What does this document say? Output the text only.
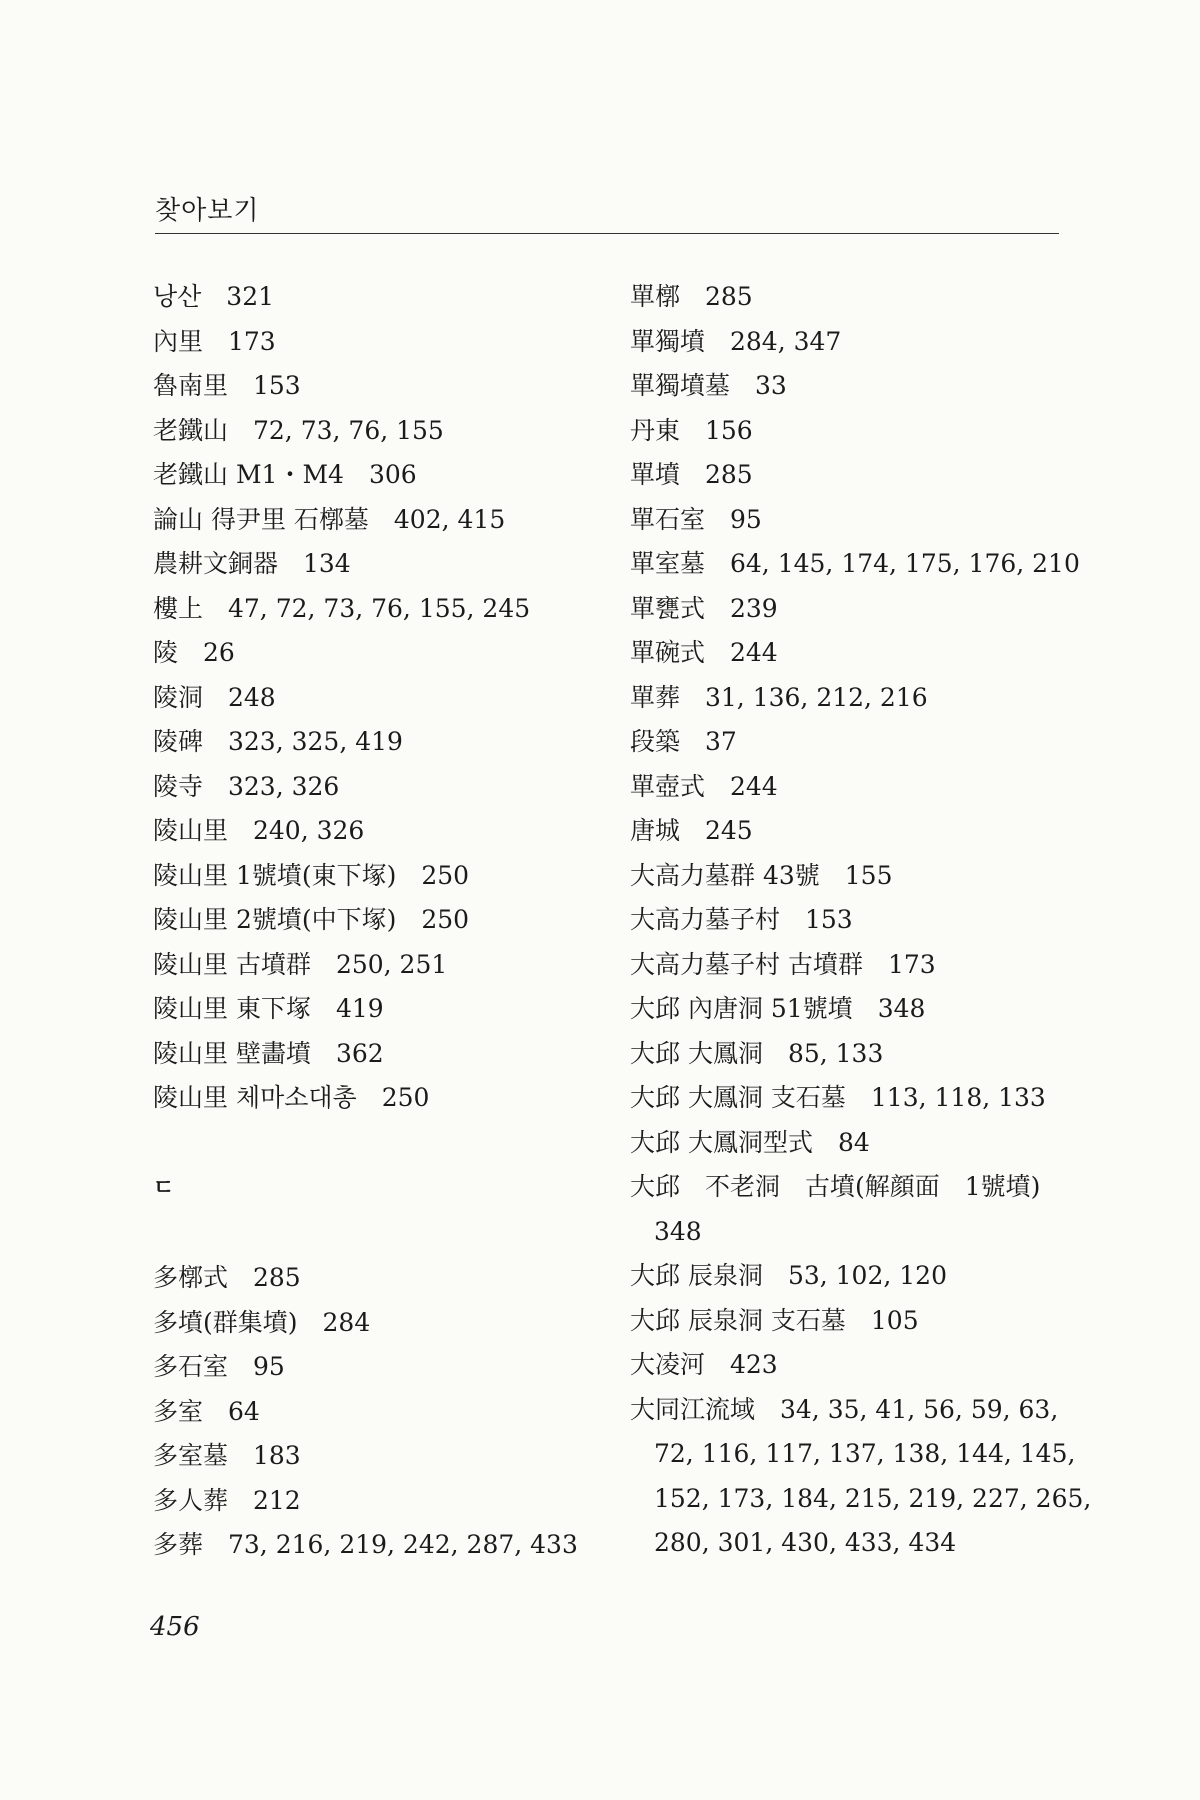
찾아보기
낭산　321
內里　173
魯南里　153
老鐵山　72, 73, 76, 155
老鐵山 M1・M4　306
論山 得尹里 石槨墓　402, 415
農耕文銅器　134
樓上　47, 72, 73, 76, 155, 245
陵　26
陵洞　248
陵碑　323, 325, 419
陵寺　323, 326
陵山里　240, 326
陵山里 1號墳(東下塚)　250
陵山里 2號墳(中下塚)　250
陵山里 古墳群　250, 251
陵山里 東下塚　419
陵山里 壁畵墳　362
陵山里 체마소대총　250
ㄷ
多槨式　285
多墳(群集墳)　284
多石室　95
多室　64
多室墓　183
多人葬　212
多葬　73, 216, 219, 242, 287, 433
單槨　285
單獨墳　284, 347
單獨墳墓　33
丹東　156
單墳　285
單石室　95
單室墓　64, 145, 174, 175, 176, 210
單甕式　239
單碗式　244
單葬　31, 136, 212, 216
段築　37
單壺式　244
唐城　245
大高力墓群 43號　155
大高力墓子村　153
大高力墓子村 古墳群　173
大邱 內唐洞 51號墳　348
大邱 大鳳洞　85, 133
大邱 大鳳洞 支石墓　113, 118, 133
大邱 大鳳洞型式　84
大邱　不老洞　古墳(解顔面　1號墳)
348
大邱 辰泉洞　53, 102, 120
大邱 辰泉洞 支石墓　105
大凌河　423
大同江流域　34, 35, 41, 56, 59, 63,
72, 116, 117, 137, 138, 144, 145,
152, 173, 184, 215, 219, 227, 265,
280, 301, 430, 433, 434
456
